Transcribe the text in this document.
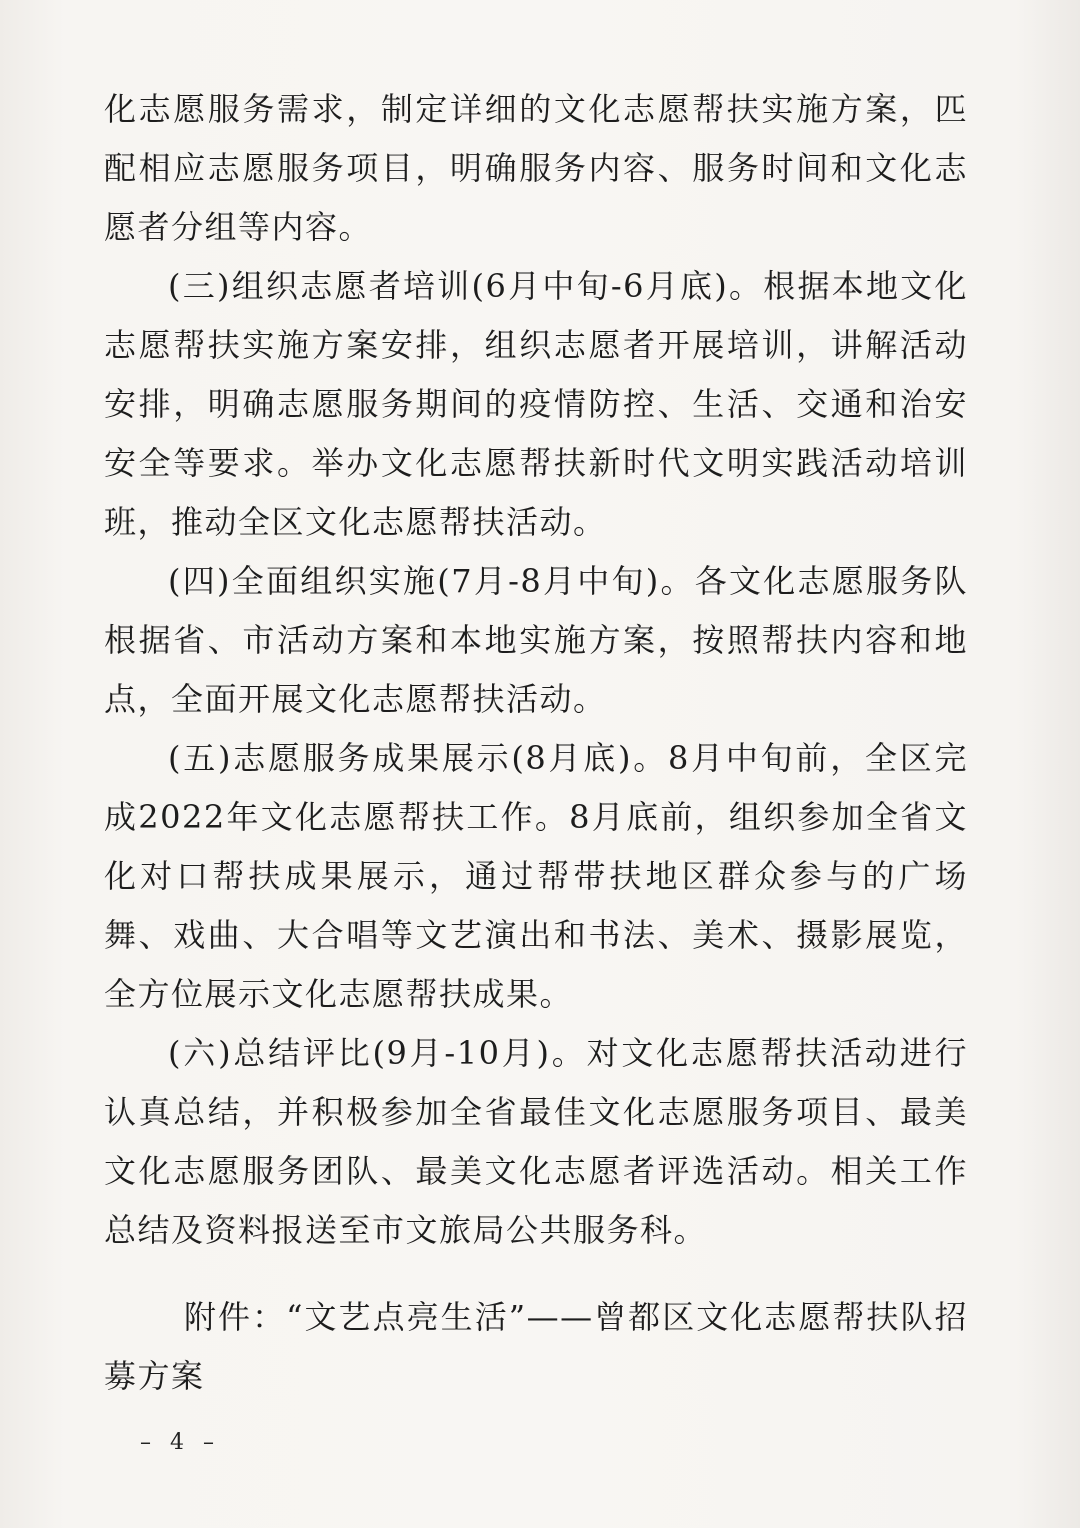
化志愿服务需求，制定详细的文化志愿帮扶实施方案，匹配相应志愿服务项目，明确服务内容、服务时间和文化志愿者分组等内容。

(三)组织志愿者培训(6月中旬-6月底)。根据本地文化志愿帮扶实施方案安排，组织志愿者开展培训，讲解活动安排，明确志愿服务期间的疫情防控、生活、交通和治安安全等要求。举办文化志愿帮扶新时代文明实践活动培训班，推动全区文化志愿帮扶活动。

(四)全面组织实施(7月-8月中旬)。各文化志愿服务队根据省、市活动方案和本地实施方案，按照帮扶内容和地点，全面开展文化志愿帮扶活动。

(五)志愿服务成果展示(8月底)。8月中旬前，全区完成2022年文化志愿帮扶工作。8月底前，组织参加全省文化对口帮扶成果展示，通过帮带扶地区群众参与的广场舞、戏曲、大合唱等文艺演出和书法、美术、摄影展览，全方位展示文化志愿帮扶成果。

(六)总结评比(9月-10月)。对文化志愿帮扶活动进行认真总结，并积极参加全省最佳文化志愿服务项目、最美文化志愿服务团队、最美文化志愿者评选活动。相关工作总结及资料报送至市文旅局公共服务科。

附件：“文艺点亮生活”——曾都区文化志愿帮扶队招募方案

– 4 –
